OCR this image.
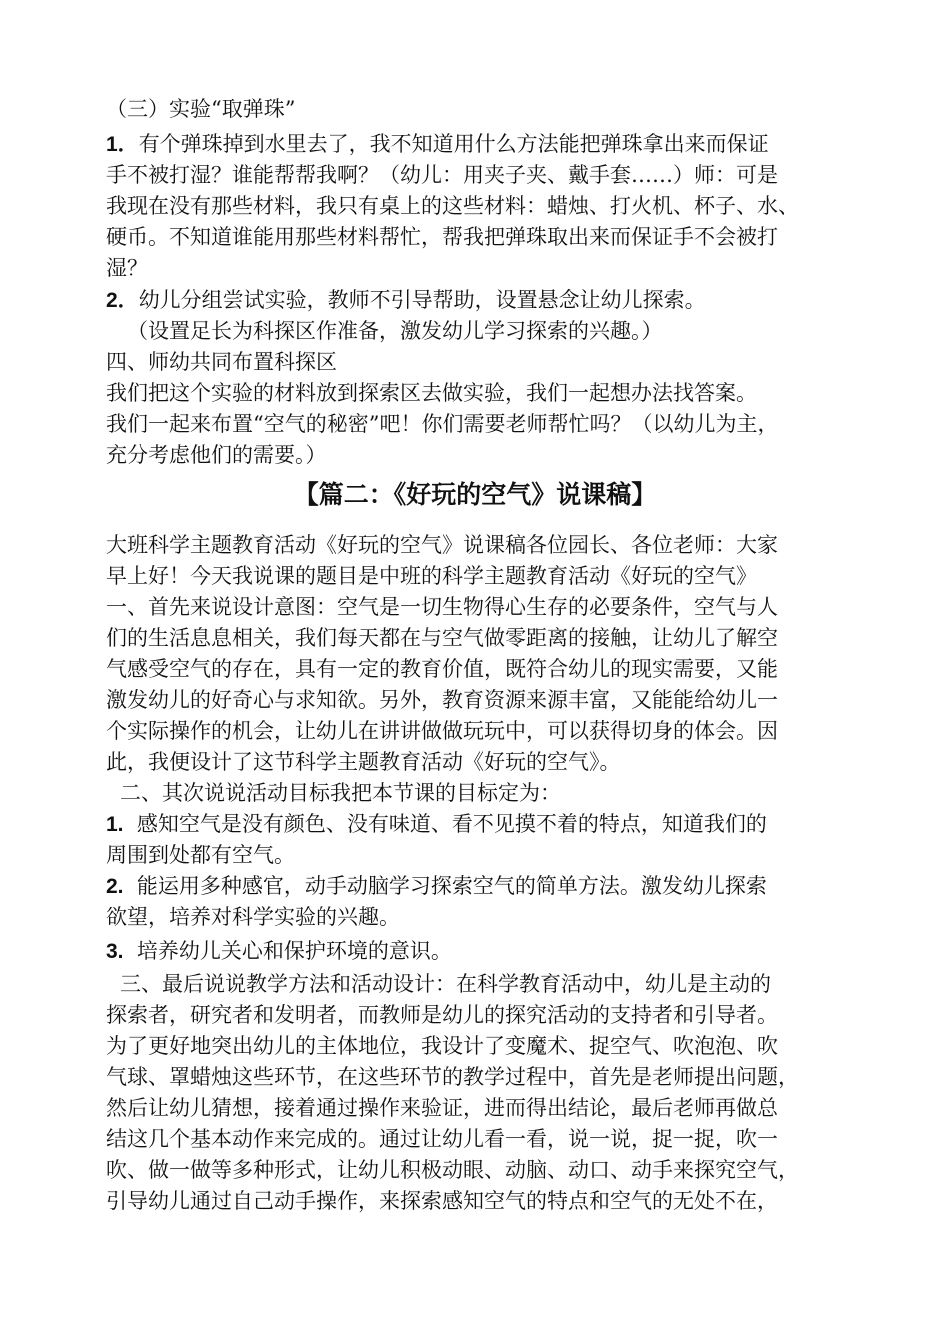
（三）实验“取弹珠”
1．有个弹珠掉到水里去了，我不知道用什么方法能把弹珠拿出来而保证
手不被打湿？谁能帮帮我啊？（幼儿：用夹子夹、戴手套……）师：可是
我现在没有那些材料，我只有桌上的这些材料：蜡烛、打火机、杯子、水、
硬币。不知道谁能用那些材料帮忙，帮我把弹珠取出来而保证手不会被打
湿？
2．幼儿分组尝试实验，教师不引导帮助，设置悬念让幼儿探索。
（设置足长为科探区作准备，激发幼儿学习探索的兴趣。）
四、师幼共同布置科探区
我们把这个实验的材料放到探索区去做实验，我们一起想办法找答案。
我们一起来布置“空气的秘密”吧！你们需要老师帮忙吗？（以幼儿为主，
充分考虑他们的需要。）
【篇二：《好玩的空气》说课稿】
大班科学主题教育活动《好玩的空气》说课稿各位园长、各位老师：大家
早上好！今天我说课的题目是中班的科学主题教育活动《好玩的空气》
一、首先来说设计意图：空气是一切生物得心生存的必要条件，空气与人
们的生活息息相关，我们每天都在与空气做零距离的接触，让幼儿了解空
气感受空气的存在，具有一定的教育价值，既符合幼儿的现实需要，又能
激发幼儿的好奇心与求知欲。另外，教育资源来源丰富，又能能给幼儿一
个实际操作的机会，让幼儿在讲讲做做玩玩中，可以获得切身的体会。因
此，我便设计了这节科学主题教育活动《好玩的空气》。
二、其次说说活动目标我把本节课的目标定为：
1. 感知空气是没有颜色、没有味道、看不见摸不着的特点，知道我们的
周围到处都有空气。
2. 能运用多种感官，动手动脑学习探索空气的简单方法。激发幼儿探索
欲望，培养对科学实验的兴趣。
3. 培养幼儿关心和保护环境的意识。
三、最后说说教学方法和活动设计：在科学教育活动中，幼儿是主动的
探索者，研究者和发明者，而教师是幼儿的探究活动的支持者和引导者。
为了更好地突出幼儿的主体地位，我设计了变魔术、捉空气、吹泡泡、吹
气球、罩蜡烛这些环节，在这些环节的教学过程中，首先是老师提出问题，
然后让幼儿猜想，接着通过操作来验证，进而得出结论，最后老师再做总
结这几个基本动作来完成的。通过让幼儿看一看，说一说，捉一捉，吹一
吹、做一做等多种形式，让幼儿积极动眼、动脑、动口、动手来探究空气，
引导幼儿通过自己动手操作，来探索感知空气的特点和空气的无处不在，
